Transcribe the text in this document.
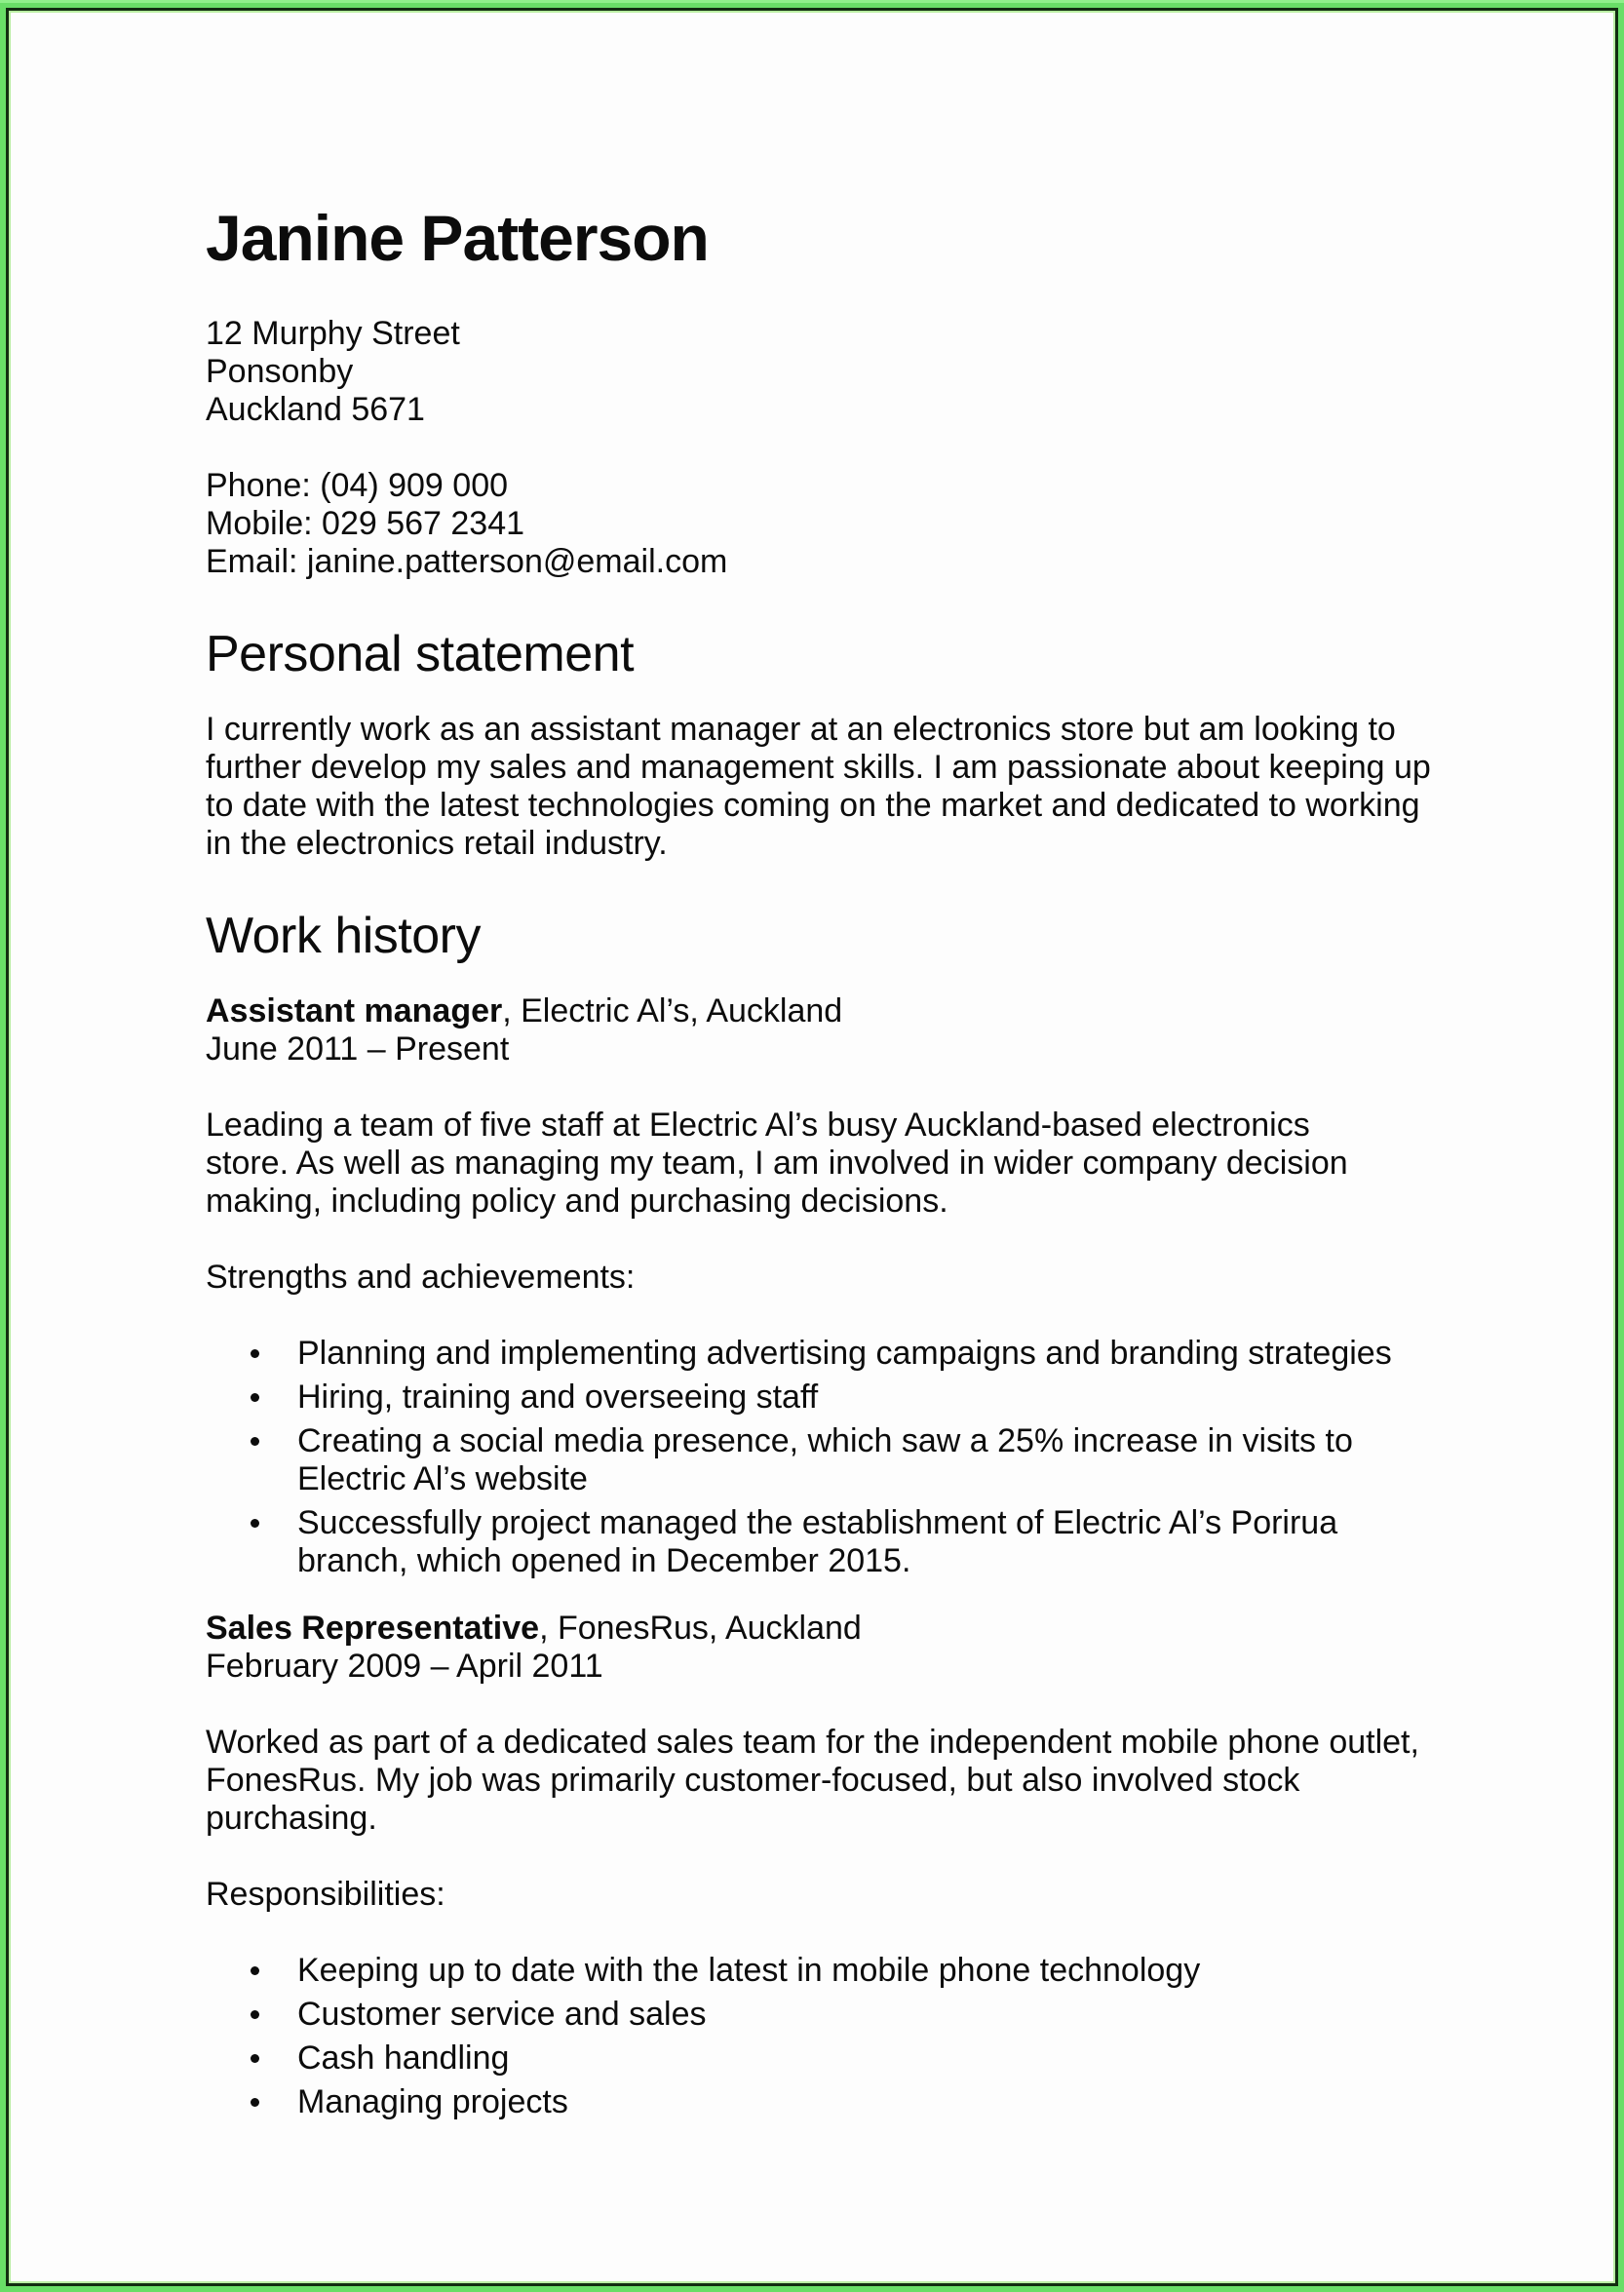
Janine Patterson
12 Murphy Street
Ponsonby
Auckland 5671
Phone: (04) 909 000
Mobile: 029 567 2341
Email: janine.patterson@email.com
Personal statement
I currently work as an assistant manager at an electronics store but am looking to
further develop my sales and management skills. I am passionate about keeping up
to date with the latest technologies coming on the market and dedicated to working
in the electronics retail industry.
Work history
Assistant manager, Electric Al’s, Auckland
June 2011 – Present
Leading a team of five staff at Electric Al’s busy Auckland-based electronics
store. As well as managing my team, I am involved in wider company decision
making, including policy and purchasing decisions.
Strengths and achievements:
Planning and implementing advertising campaigns and branding strategies
Hiring, training and overseeing staff
Creating a social media presence, which saw a 25% increase in visits to
Electric Al’s website
Successfully project managed the establishment of Electric Al’s Porirua
branch, which opened in December 2015.
Sales Representative, FonesRus, Auckland
February 2009 – April 2011
Worked as part of a dedicated sales team for the independent mobile phone outlet,
FonesRus. My job was primarily customer-focused, but also involved stock
purchasing.
Responsibilities:
Keeping up to date with the latest in mobile phone technology
Customer service and sales
Cash handling
Managing projects
